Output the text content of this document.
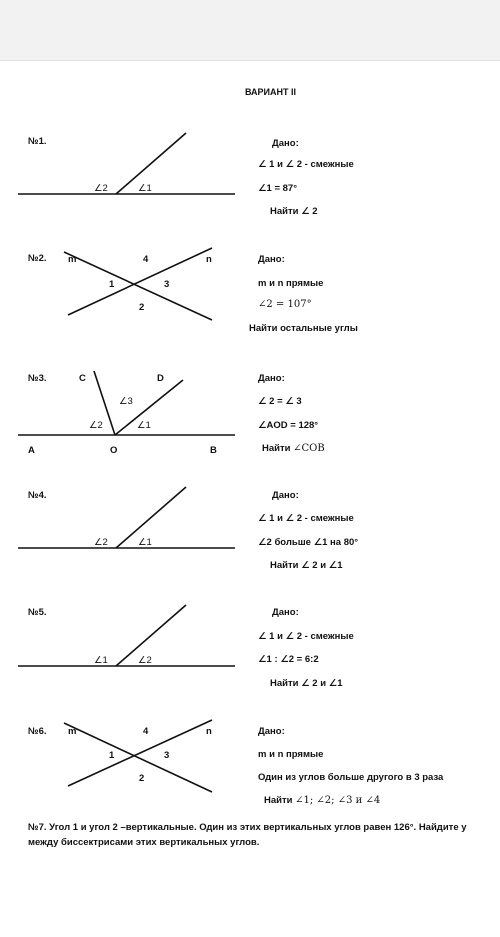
ВАРИАНТ II
№1.
∠2	∠1
Дано:
∠ 1 и ∠ 2 - смежные
∠1 = 87°
Найти ∠ 2
№2. m	n
4
1	3
2
Дано:
m и n прямые
∠2 = 107°
Найти остальные углы
№3.	C	D
∠3
∠2	∠1
A	O	B
Дано:
∠ 2 = ∠ 3
∠AOD = 128°
Найти ∠COB
№4.
∠2	∠1
Дано:
∠ 1 и ∠ 2 - смежные
∠2 больше ∠1 на 80°
Найти ∠ 2 и ∠1
№5.
∠1	∠2
Дано:
∠ 1 и ∠ 2 - смежные
∠1 : ∠2 = 6:2
Найти ∠ 2 и ∠1
№6. m	n
4
1	3
2
Дано:
m и n прямые
Один из углов больше другого в 3 раза
Найти ∠1; ∠2; ∠3 и ∠4
№7. Угол 1 и угол 2 –вертикальные. Один из этих вертикальных углов равен 126°. Найдите у
между биссектрисами этих вертикальных углов.
